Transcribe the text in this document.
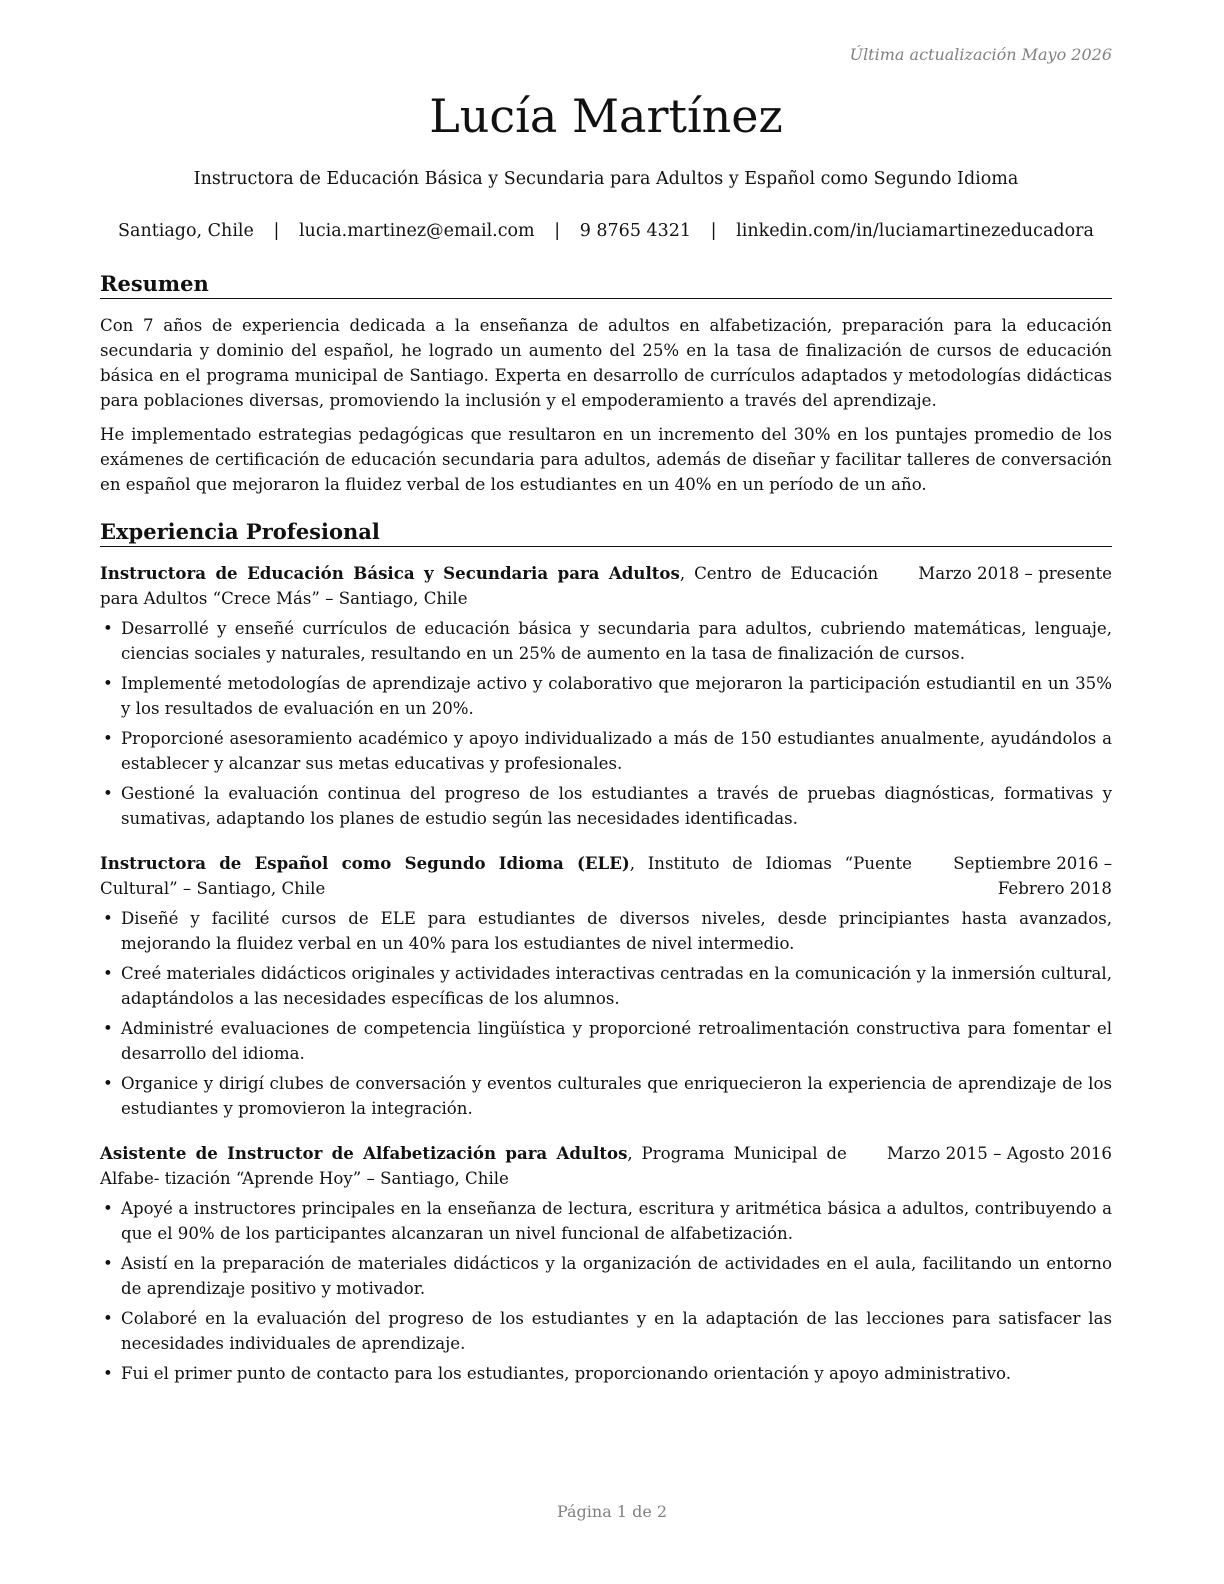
Última actualización Mayo 2026
Lucía Martínez
Instructora de Educación Básica y Secundaria para Adultos y Español como Segundo Idioma
Santiago, Chile | lucia.martinez@email.com | 9 8765 4321 | linkedin.com/in/luciamartinezeducadora
Resumen

Con 7 años de experiencia dedicada a la enseñanza de adultos en alfabetización, preparación para la educación secundaria y dominio del español, he logrado un aumento del 25% en la tasa de finalización de cursos de educación básica en el programa municipal de Santiago. Experta en desarrollo de currículos adaptados y metodologías didácticas para poblaciones diversas, promoviendo la inclusión y el empoderamiento a través del aprendizaje.

He implementado estrategias pedagógicas que resultaron en un incremento del 30% en los puntajes promedio de los exámenes de certificación de educación secundaria para adultos, además de diseñar y facilitar talleres de conversación en español que mejoraron la fluidez verbal de los estudiantes en un 40% en un período de un año.

Experiencia Profesional
Instructora de Educación Básica y Secundaria para Adultos, Centro de Educación para Adultos “Crece Más” – Santiago, Chile
Marzo 2018 – presente
• Desarrollé y enseñé currículos de educación básica y secundaria para adultos, cubriendo matemáticas, lenguaje, ciencias sociales y naturales, resultando en un 25% de aumento en la tasa de finalización de cursos.
• Implementé metodologías de aprendizaje activo y colaborativo que mejoraron la participación estudiantil en un 35% y los resultados de evaluación en un 20%.
• Proporcioné asesoramiento académico y apoyo individualizado a más de 150 estudiantes anualmente, ayudándolos a establecer y alcanzar sus metas educativas y profesionales.
• Gestioné la evaluación continua del progreso de los estudiantes a través de pruebas diagnósticas, formativas y sumativas, adaptando los planes de estudio según las necesidades identificadas.
Instructora de Español como Segundo Idioma (ELE), Instituto de Idiomas “Puente Cultural” – Santiago, Chile
Septiembre 2016 – Febrero 2018
• Diseñé y facilité cursos de ELE para estudiantes de diversos niveles, desde principiantes hasta avanzados, mejorando la fluidez verbal en un 40% para los estudiantes de nivel intermedio.
• Creé materiales didácticos originales y actividades interactivas centradas en la comunicación y la inmersión cultural, adaptándolos a las necesidades específicas de los alumnos.
• Administré evaluaciones de competencia lingüística y proporcioné retroalimentación constructiva para fomentar el desarrollo del idioma.
• Organice y dirigí clubes de conversación y eventos culturales que enriquecieron la experiencia de aprendizaje de los estudiantes y promovieron la integración.
Asistente de Instructor de Alfabetización para Adultos, Programa Municipal de Alfabe- tización “Aprende Hoy” – Santiago, Chile
Marzo 2015 – Agosto 2016
• Apoyé a instructores principales en la enseñanza de lectura, escritura y aritmética básica a adultos, contribuyendo a que el 90% de los participantes alcanzaran un nivel funcional de alfabetización.
• Asistí en la preparación de materiales didácticos y la organización de actividades en el aula, facilitando un entorno de aprendizaje positivo y motivador.
• Colaboré en la evaluación del progreso de los estudiantes y en la adaptación de las lecciones para satisfacer las necesidades individuales de aprendizaje.
• Fui el primer punto de contacto para los estudiantes, proporcionando orientación y apoyo administrativo.
Página 1 de 2
